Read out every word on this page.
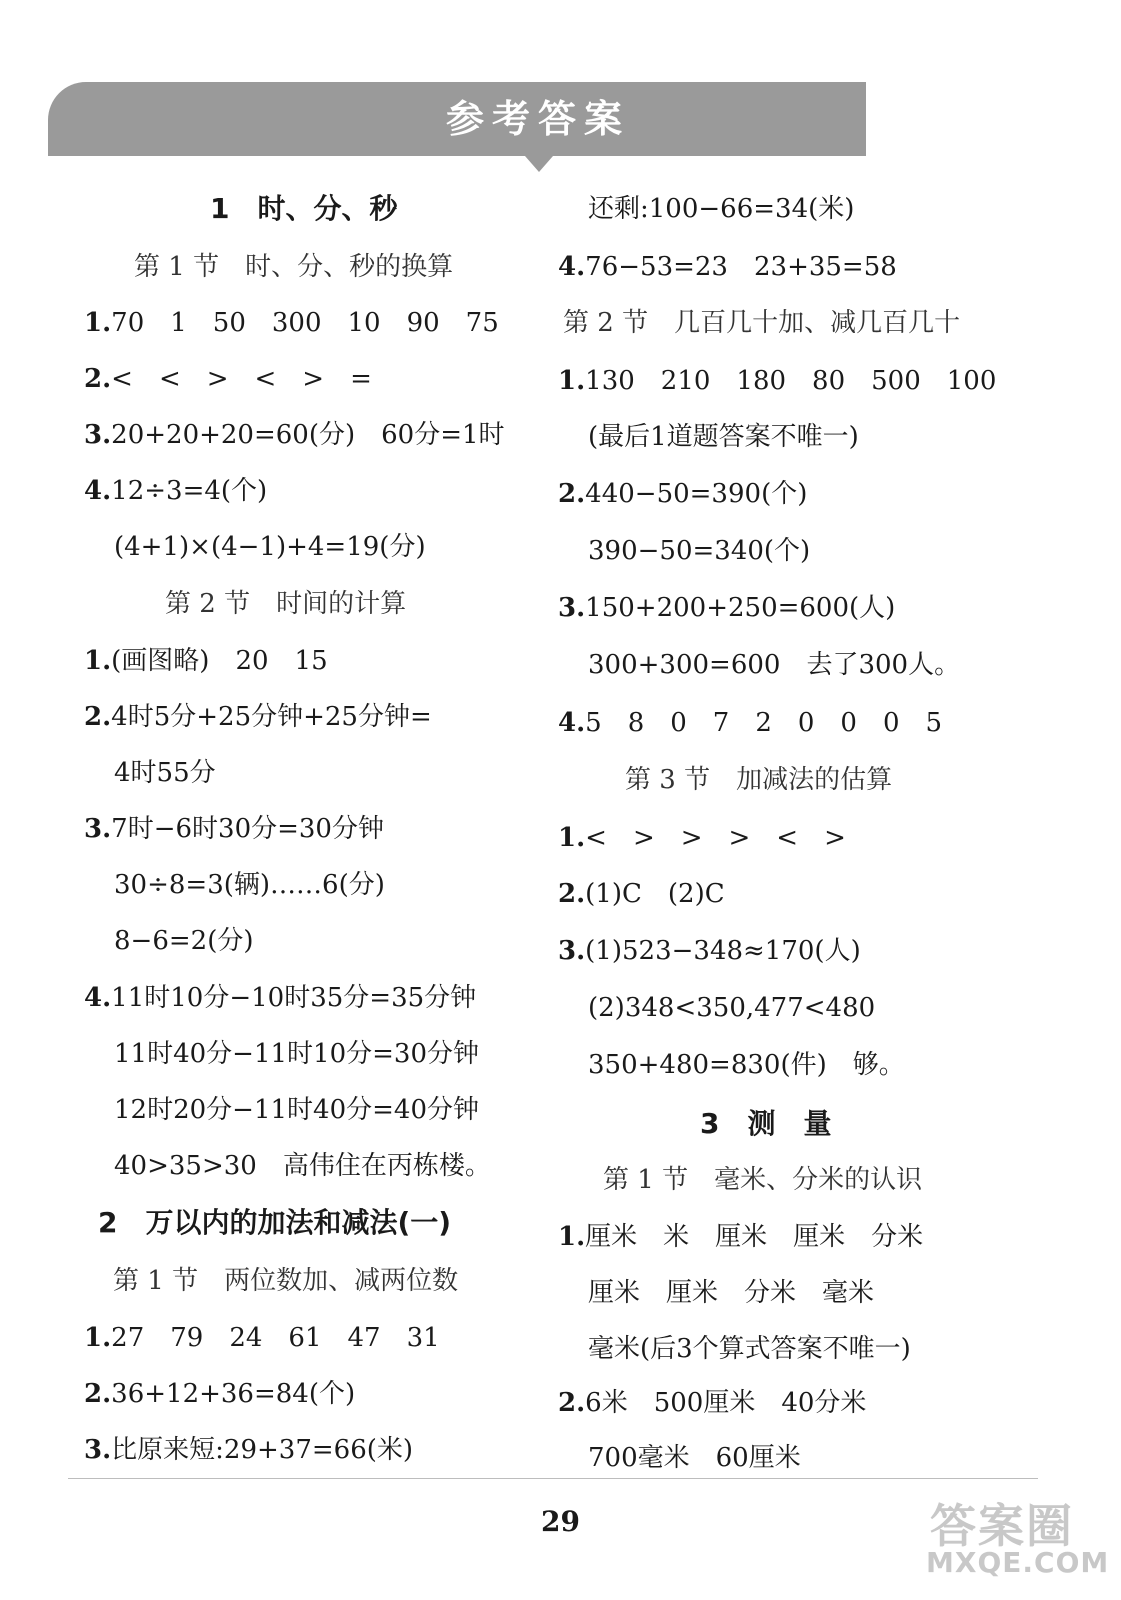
参考答案
1　时、分、秒
第 1 节　时、分、秒的换算
1.70　1　50　300　10　90　75
2.<　<　>　<　>　=
3.20+20+20=60(分)　60分=1时
4.12÷3=4(个)
(4+1)×(4−1)+4=19(分)
第 2 节　时间的计算
1.(画图略)　20　15
2.4时5分+25分钟+25分钟=
4时55分
3.7时−6时30分=30分钟
30÷8=3(辆)……6(分)
8−6=2(分)
4.11时10分−10时35分=35分钟
11时40分−11时10分=30分钟
12时20分−11时40分=40分钟
40>35>30　高伟住在丙栋楼。
2　万以内的加法和减法(一)
第 1 节　两位数加、减两位数
1.27　79　24　61　47　31
2.36+12+36=84(个)
3.比原来短:29+37=66(米)
还剩:100−66=34(米)
4.76−53=23　23+35=58
第 2 节　几百几十加、减几百几十
1.130　210　180　80　500　100
(最后1道题答案不唯一)
2.440−50=390(个)
390−50=340(个)
3.150+200+250=600(人)
300+300=600　去了300人。
4.5　8　0　7　2　0　0　0　5
第 3 节　加减法的估算
1.<　>　>　>　<　>
2.(1)C　(2)C
3.(1)523−348≈170(人)
(2)348<350,477<480
350+480=830(件)　够。
3　测　量
第 1 节　毫米、分米的认识
1.厘米　米　厘米　厘米　分米
厘米　厘米　分米　毫米
毫米(后3个算式答案不唯一)
2.6米　500厘米　40分米
700毫米　60厘米
29	答案圈
MXQE.COM
